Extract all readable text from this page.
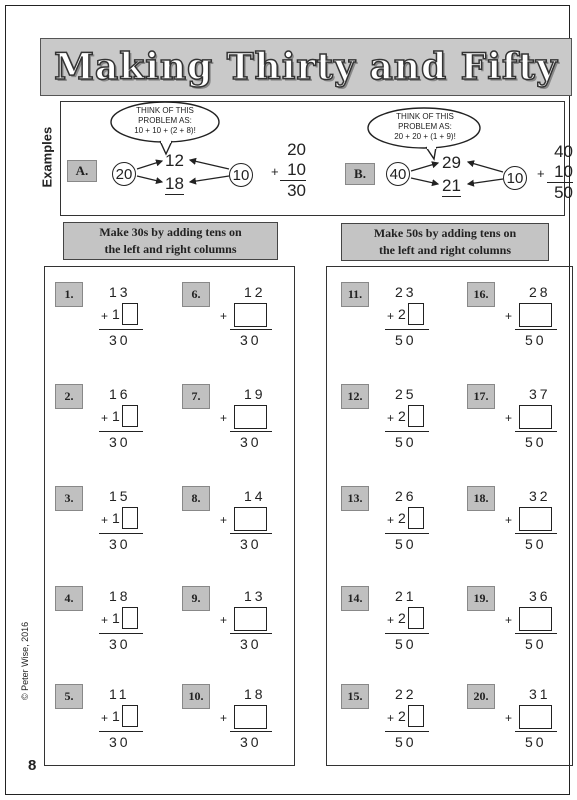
Making Thirty and Fifty
Examples	A.
THINK OF THIS
PROBLEM AS:
10 + 10 + (2 + 8)!
20
12
18	10
20
10
30
+	B.
THINK OF THIS
PROBLEM AS:
20 + 20 + (1 + 9)!
40
29
21	10
40
10
50
+
Make 30s by adding tens on
the left and right columns
Make 50s by adding tens on
the left and right columns
1.	13
+ 1
30
6.	12
+
30
2.	16
+ 1
30
7.	19
+
30
3.	15
+ 1
30
8.	14
+
30
4.	18
+ 1
30
9.	13
+
30
5.	11
+ 1
30
10.	18
+
30
11.	23
+ 2
50
16.	28
+
50
12.	25
+ 2
50
17.	37
+
50
13.	26
+ 2
50
18.	32
+
50
14.	21
+ 2
50
19.	36
+
50
15.	22
+ 2
50
20.	31
+
50
© Peter Wise, 2016
8
